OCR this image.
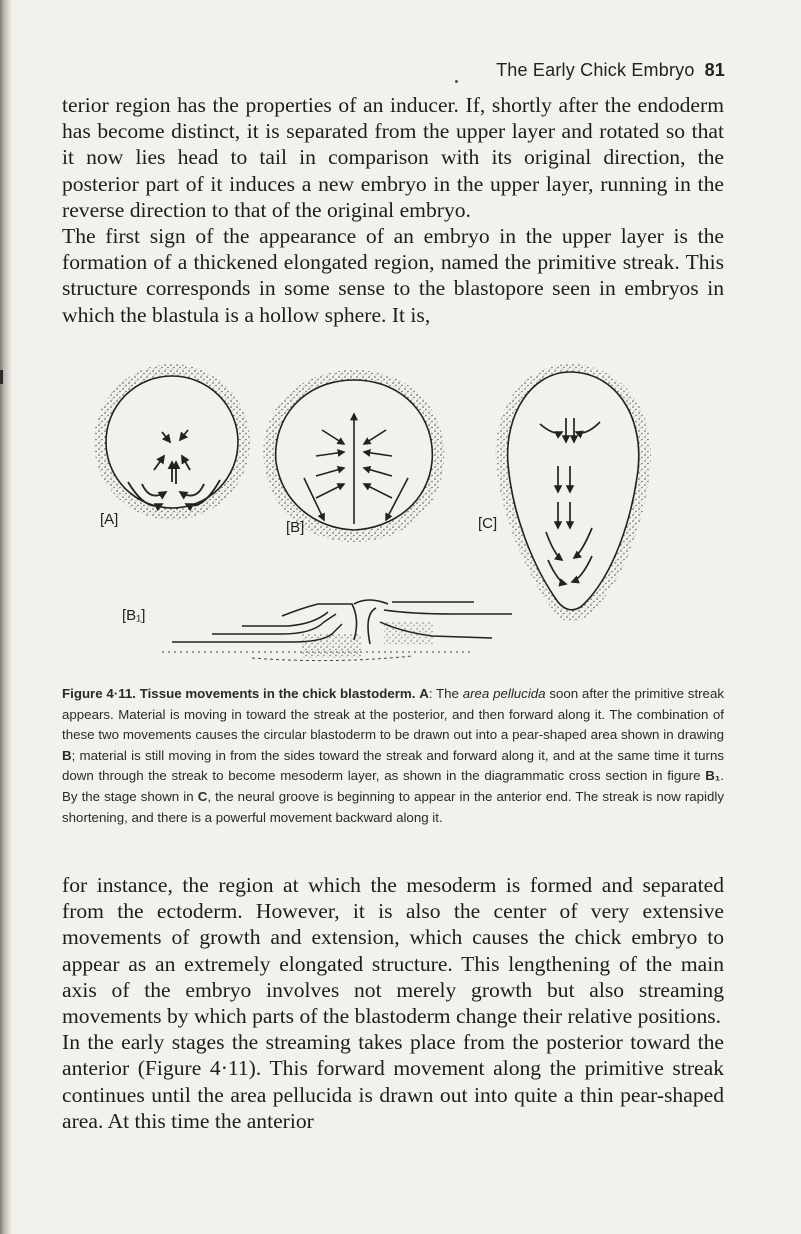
The Early Chick Embryo 81

terior region has the properties of an inducer. If, shortly after the endoderm has become distinct, it is separated from the upper layer and rotated so that it now lies head to tail in comparison with its original direction, the posterior part of it induces a new embryo in the upper layer, running in the reverse direction to that of the original embryo.

The first sign of the appearance of an embryo in the upper layer is the formation of a thickened elongated region, named the primitive streak. This structure corresponds in some sense to the blastopore seen in embryos in which the blastula is a hollow sphere. It is,

[A]	[B]	[C]
[B₁]
Figure 4·11. Tissue movements in the chick blastoderm. A: The area pellucida soon after the primitive streak appears. Material is moving in toward the streak at the posterior, and then forward along it. The combination of these two movements causes the circular blastoderm to be drawn out into a pear-shaped area shown in drawing B; material is still moving in from the sides toward the streak and forward along it, and at the same time it turns down through the streak to become mesoderm layer, as shown in the diagrammatic cross section in figure B₁. By the stage shown in C, the neural groove is beginning to appear in the anterior end. The streak is now rapidly shortening, and there is a powerful movement backward along it.

for instance, the region at which the mesoderm is formed and separated from the ectoderm. However, it is also the center of very extensive movements of growth and extension, which causes the chick embryo to appear as an extremely elongated structure. This lengthening of the main axis of the embryo involves not merely growth but also streaming movements by which parts of the blastoderm change their relative positions.

In the early stages the streaming takes place from the posterior toward the anterior (Figure 4·11). This forward movement along the primitive streak continues until the area pellucida is drawn out into quite a thin pear-shaped area. At this time the anterior
